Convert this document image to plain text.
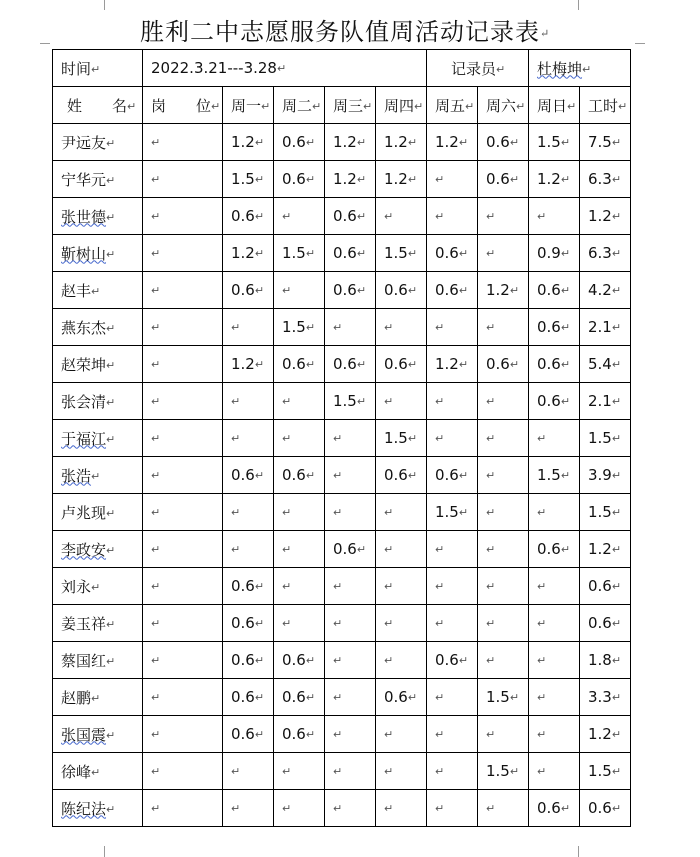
胜利二中志愿服务队值周活动记录表↵
时间↵	2022.3.21---3.28↵					记录员↵		杜梅坤↵	
姓　　名↵	岗　　位↵	周一↵	周二↵	周三↵	周四↵	周五↵	周六↵	周日↵	工时↵
尹远友↵	↵	1.2↵	0.6↵	1.2↵	1.2↵	1.2↵	0.6↵	1.5↵	7.5↵
宁华元↵	↵	1.5↵	0.6↵	1.2↵	1.2↵	↵	0.6↵	1.2↵	6.3↵
张世德↵	↵	0.6↵	↵	0.6↵	↵	↵	↵	↵	1.2↵
靳树山↵	↵	1.2↵	1.5↵	0.6↵	1.5↵	0.6↵	↵	0.9↵	6.3↵
赵丰↵	↵	0.6↵	↵	0.6↵	0.6↵	0.6↵	1.2↵	0.6↵	4.2↵
燕东杰↵	↵	↵	1.5↵	↵	↵	↵	↵	0.6↵	2.1↵
赵荣坤↵	↵	1.2↵	0.6↵	0.6↵	0.6↵	1.2↵	0.6↵	0.6↵	5.4↵
张会清↵	↵	↵	↵	1.5↵	↵	↵	↵	0.6↵	2.1↵
于福江↵	↵	↵	↵	↵	1.5↵	↵	↵	↵	1.5↵
张浩↵	↵	0.6↵	0.6↵	↵	0.6↵	0.6↵	↵	1.5↵	3.9↵
卢兆现↵	↵	↵	↵	↵	↵	1.5↵	↵	↵	1.5↵
李政安↵	↵	↵	↵	0.6↵	↵	↵	↵	0.6↵	1.2↵
刘永↵	↵	0.6↵	↵	↵	↵	↵	↵	↵	0.6↵
姜玉祥↵	↵	0.6↵	↵	↵	↵	↵	↵	↵	0.6↵
蔡国红↵	↵	0.6↵	0.6↵	↵	↵	0.6↵	↵	↵	1.8↵
赵鹏↵	↵	0.6↵	0.6↵	↵	0.6↵	↵	1.5↵	↵	3.3↵
张国震↵	↵	0.6↵	0.6↵	↵	↵	↵	↵	↵	1.2↵
徐峰↵	↵	↵	↵	↵	↵	↵	1.5↵	↵	1.5↵
陈纪法↵	↵	↵	↵	↵	↵	↵	↵	0.6↵	0.6↵
